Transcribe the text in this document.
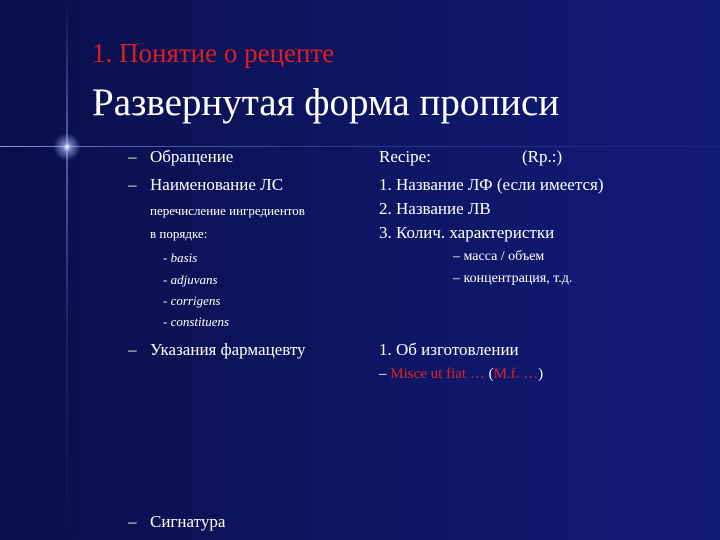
1. Понятие о рецепте
Развернутая форма прописи
– Обращение
– Наименование ЛС
перечисление ингредиентов
в порядке:
- basis
- adjuvans
- corrigens
- constituens
– Указания фармацевту
– Сигнатура
Recipe:	(Rp.:)
1. Название ЛФ (если имеется)
2. Название ЛВ
3. Колич. характеристки
– масса / объем
– концентрация, т.д.
1. Об изготовлении
– Misce ut fiat … (M.f. …)
